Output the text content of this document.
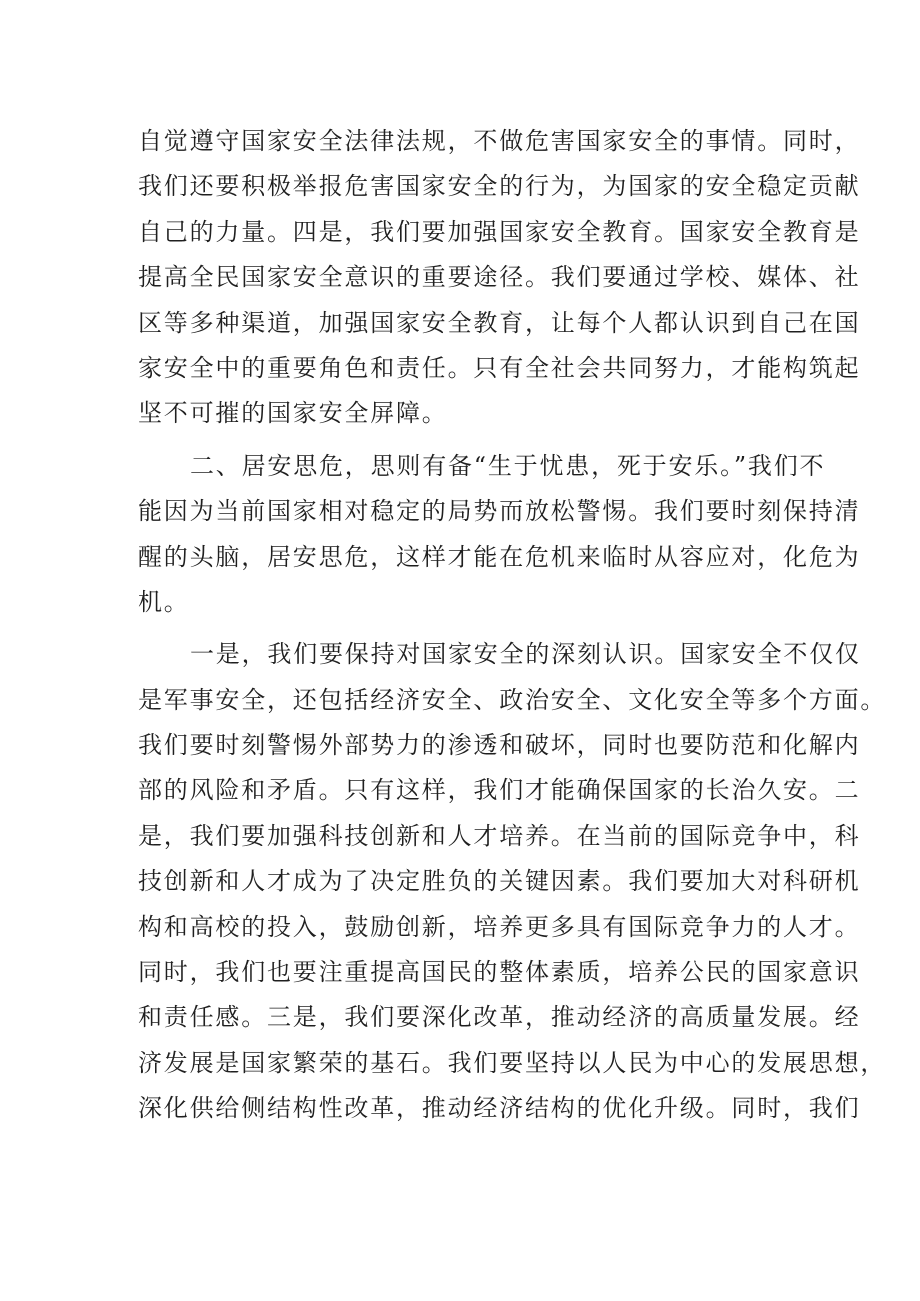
自觉遵守国家安全法律法规，不做危害国家安全的事情。同时，
我们还要积极举报危害国家安全的行为，为国家的安全稳定贡献
自己的力量。四是，我们要加强国家安全教育。国家安全教育是
提高全民国家安全意识的重要途径。我们要通过学校、媒体、社
区等多种渠道，加强国家安全教育，让每个人都认识到自己在国
家安全中的重要角色和责任。只有全社会共同努力，才能构筑起
坚不可摧的国家安全屏障。
二、居安思危，思则有备“生于忧患，死于安乐。”我们不
能因为当前国家相对稳定的局势而放松警惕。我们要时刻保持清
醒的头脑，居安思危，这样才能在危机来临时从容应对，化危为
机。
一是，我们要保持对国家安全的深刻认识。国家安全不仅仅
是军事安全，还包括经济安全、政治安全、文化安全等多个方面。
我们要时刻警惕外部势力的渗透和破坏，同时也要防范和化解内
部的风险和矛盾。只有这样，我们才能确保国家的长治久安。二
是，我们要加强科技创新和人才培养。在当前的国际竞争中，科
技创新和人才成为了决定胜负的关键因素。我们要加大对科研机
构和高校的投入，鼓励创新，培养更多具有国际竞争力的人才。
同时，我们也要注重提高国民的整体素质，培养公民的国家意识
和责任感。三是，我们要深化改革，推动经济的高质量发展。经
济发展是国家繁荣的基石。我们要坚持以人民为中心的发展思想，
深化供给侧结构性改革，推动经济结构的优化升级。同时，我们
